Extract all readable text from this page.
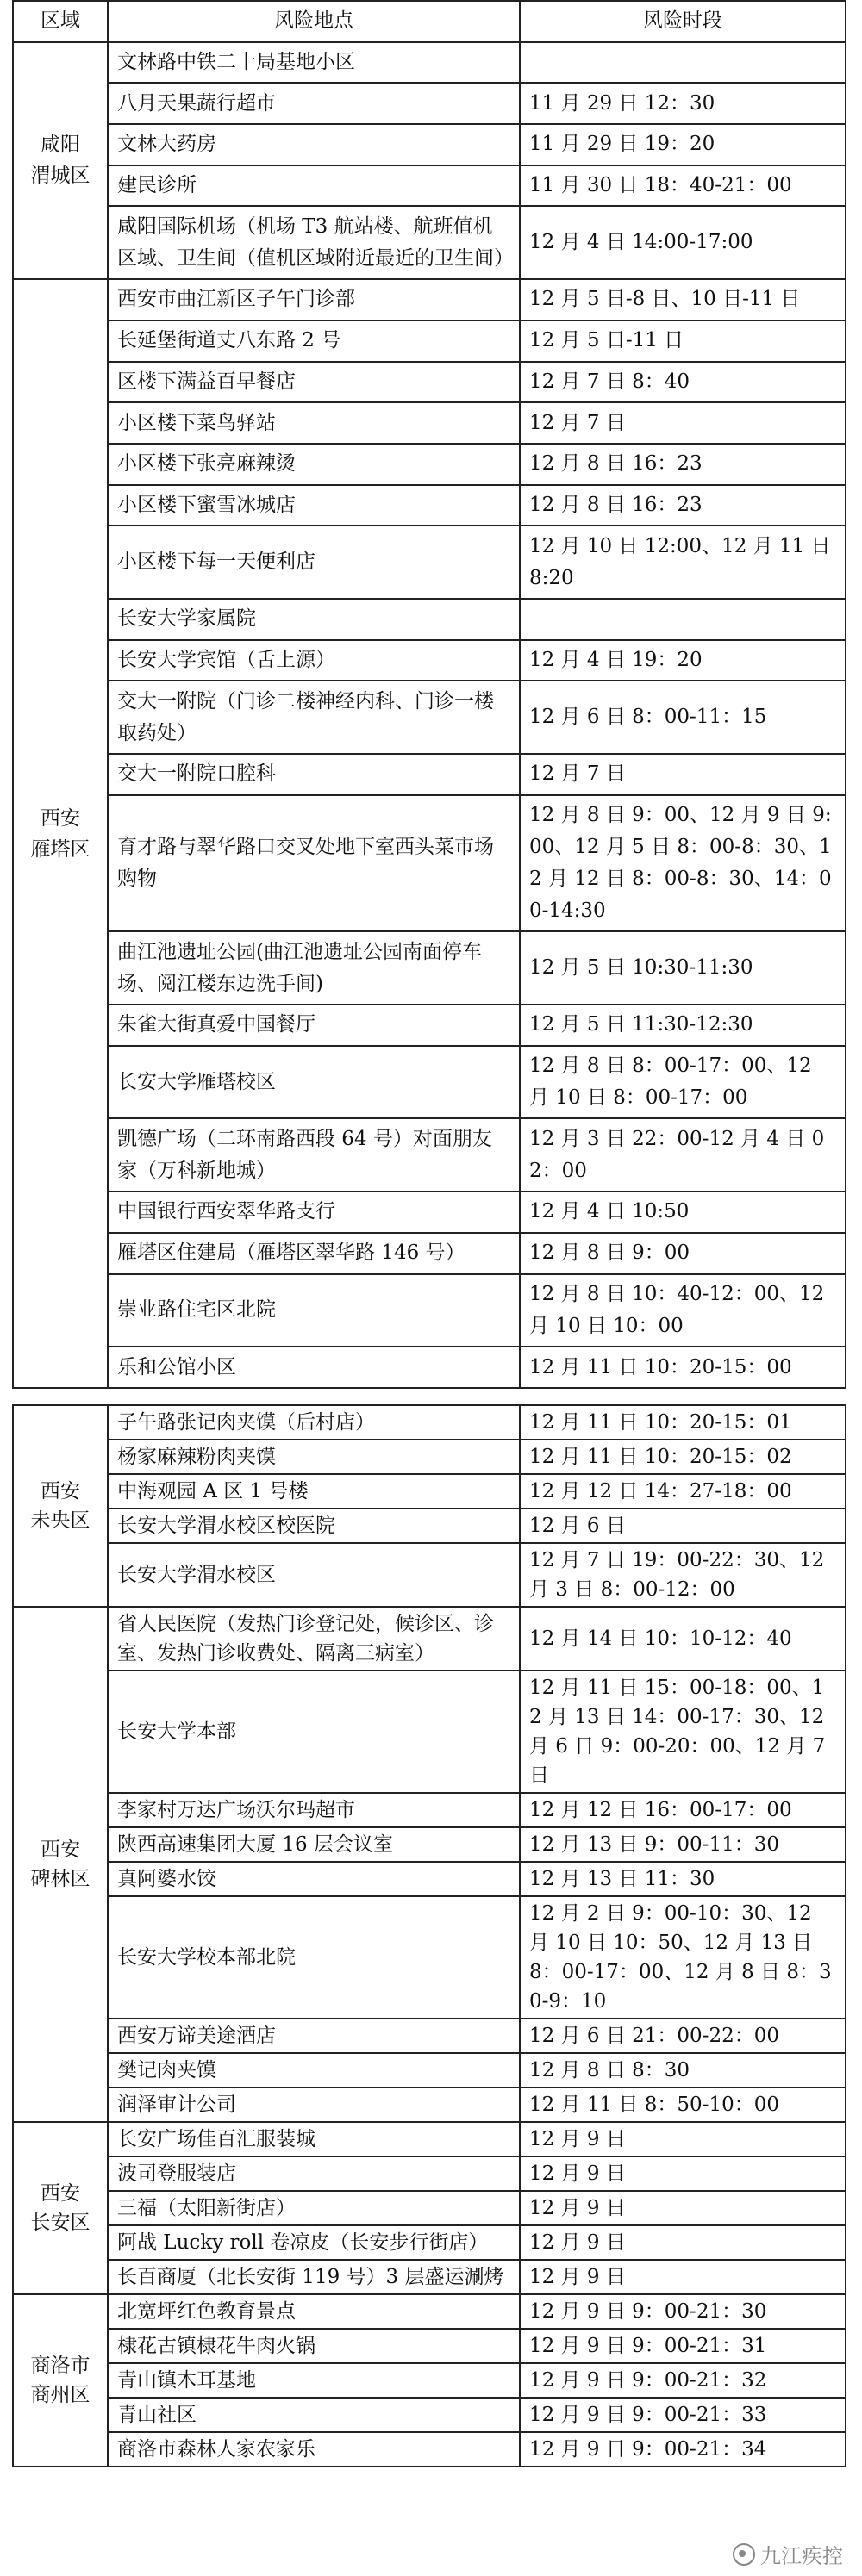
区域	风险地点	风险时段
咸阳
渭城区	文林路中铁二十局基地小区	
	八月天果蔬行超市	11 月 29 日 12：30
	文林大药房	11 月 29 日 19：20
	建民诊所	11 月 30 日 18：40-21：00
	咸阳国际机场（机场 T3 航站楼、航班值机区域、卫生间（值机区域附近最近的卫生间）	12 月 4 日 14:00-17:00
西安
雁塔区	西安市曲江新区子午门诊部	12 月 5 日-8 日、10 日-11 日
	长延堡街道丈八东路 2 号	12 月 5 日-11 日
	区楼下满益百早餐店	12 月 7 日 8：40
	小区楼下菜鸟驿站	12 月 7 日
	小区楼下张亮麻辣烫	12 月 8 日 16：23
	小区楼下蜜雪冰城店	12 月 8 日 16：23
	小区楼下每一天便利店	12 月 10 日 12:00、12 月 11 日 8:20
	长安大学家属院	
	长安大学宾馆（舌上源）	12 月 4 日 19：20
	交大一附院（门诊二楼神经内科、门诊一楼取药处）	12 月 6 日 8：00-11：15
	交大一附院口腔科	12 月 7 日
	育才路与翠华路口交叉处地下室西头菜市场购物	12 月 8 日 9：00、12 月 9 日 9:00、12 月 5 日 8：00-8：30、12 月 12 日 8：00-8：30、14：00-14:30
	曲江池遗址公园(曲江池遗址公园南面停车场、阅江楼东边洗手间)	12 月 5 日 10:30-11:30
	朱雀大街真爱中国餐厅	12 月 5 日 11:30-12:30
	长安大学雁塔校区	12 月 8 日 8：00-17：00、12 月 10 日 8：00-17：00
	凯德广场（二环南路西段 64 号）对面朋友家（万科新地城）	12 月 3 日 22：00-12 月 4 日 02：00
	中国银行西安翠华路支行	12 月 4 日 10:50
	雁塔区住建局（雁塔区翠华路 146 号）	12 月 8 日 9：00
	崇业路住宅区北院	12 月 8 日 10：40-12：00、12 月 10 日 10：00
	乐和公馆小区	12 月 11 日 10：20-15：00
西安
未央区	子午路张记肉夹馍（后村店）	12 月 11 日 10：20-15：01
	杨家麻辣粉肉夹馍	12 月 11 日 10：20-15：02
	中海观园 A 区 1 号楼	12 月 12 日 14：27-18：00
	长安大学渭水校区校医院	12 月 6 日
	长安大学渭水校区	12 月 7 日 19：00-22：30、12 月 3 日 8：00-12：00
西安
碑林区	省人民医院（发热门诊登记处，候诊区、诊室、发热门诊收费处、隔离三病室）	12 月 14 日 10：10-12：40
	长安大学本部	12 月 11 日 15：00-18：00、12 月 13 日 14：00-17：30、12 月 6 日 9：00-20：00、12 月 7 日
	李家村万达广场沃尔玛超市	12 月 12 日 16：00-17：00
	陕西高速集团大厦 16 层会议室	12 月 13 日 9：00-11：30
	真阿婆水饺	12 月 13 日 11：30
	长安大学校本部北院	12 月 2 日 9：00-10：30、12 月 10 日 10：50、12 月 13 日 8：00-17：00、12 月 8 日 8：30-9：10
	西安万谛美途酒店	12 月 6 日 21：00-22：00
	樊记肉夹馍	12 月 8 日 8：30
	润泽审计公司	12 月 11 日 8：50-10：00
西安
长安区	长安广场佳百汇服装城	12 月 9 日
	波司登服装店	12 月 9 日
	三福（太阳新街店）	12 月 9 日
	阿战 Lucky roll 卷凉皮（长安步行街店）	12 月 9 日
	长百商厦（北长安街 119 号）3 层盛运涮烤	12 月 9 日
商洛市
商州区	北宽坪红色教育景点	12 月 9 日 9：00-21：30
	棣花古镇棣花牛肉火锅	12 月 9 日 9：00-21：31
	青山镇木耳基地	12 月 9 日 9：00-21：32
	青山社区	12 月 9 日 9：00-21：33
	商洛市森林人家农家乐	12 月 9 日 9：00-21：34
九江疾控
